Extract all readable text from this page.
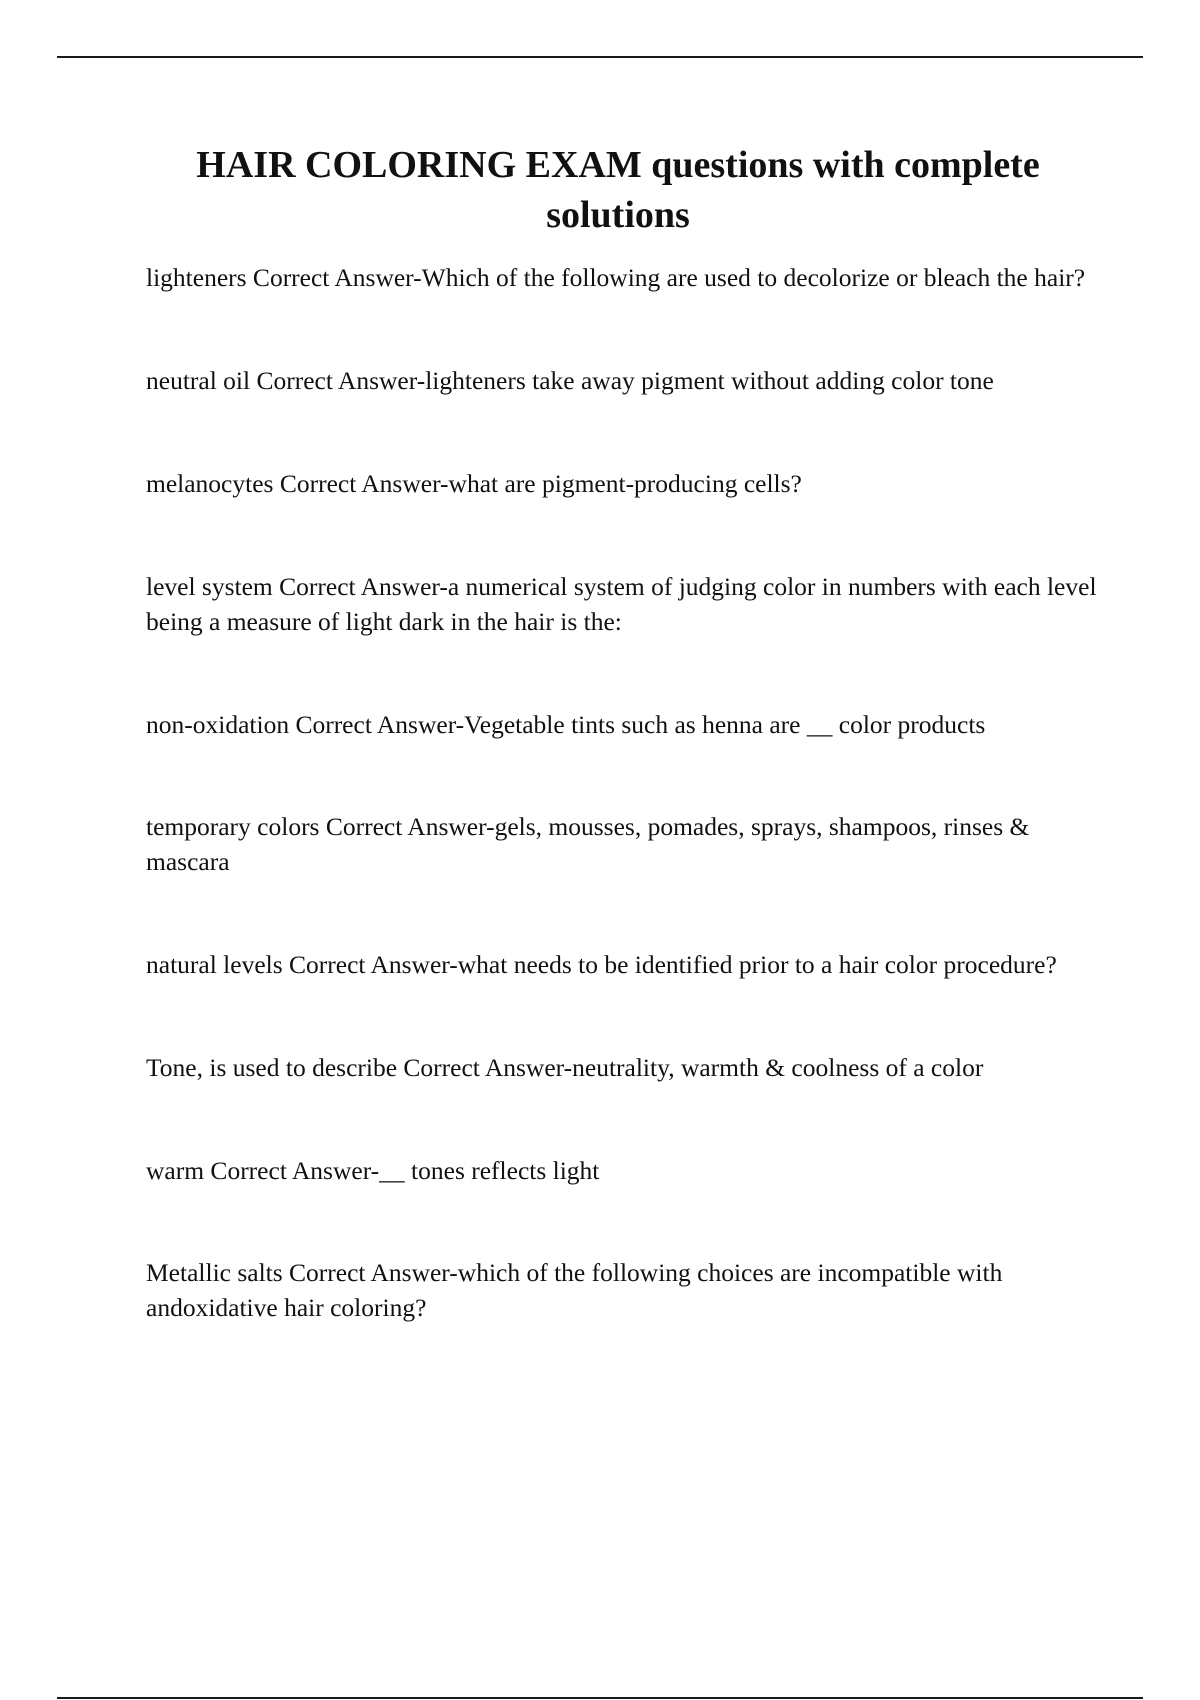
HAIR COLORING EXAM questions with complete solutions
lighteners Correct Answer-Which of the following are used to decolorize or bleach the hair?
neutral oil Correct Answer-lighteners take away pigment without adding color tone
melanocytes Correct Answer-what are pigment-producing cells?
level system Correct Answer-a numerical system of judging color in numbers with each level being a measure of light dark in the hair is the:
non-oxidation Correct Answer-Vegetable tints such as henna are __ color products
temporary colors Correct Answer-gels, mousses, pomades, sprays, shampoos, rinses & mascara
natural levels Correct Answer-what needs to be identified prior to a hair color procedure?
Tone, is used to describe Correct Answer-neutrality, warmth & coolness of a color
warm Correct Answer-__ tones reflects light
Metallic salts Correct Answer-which of the following choices are incompatible with andoxidative hair coloring?
